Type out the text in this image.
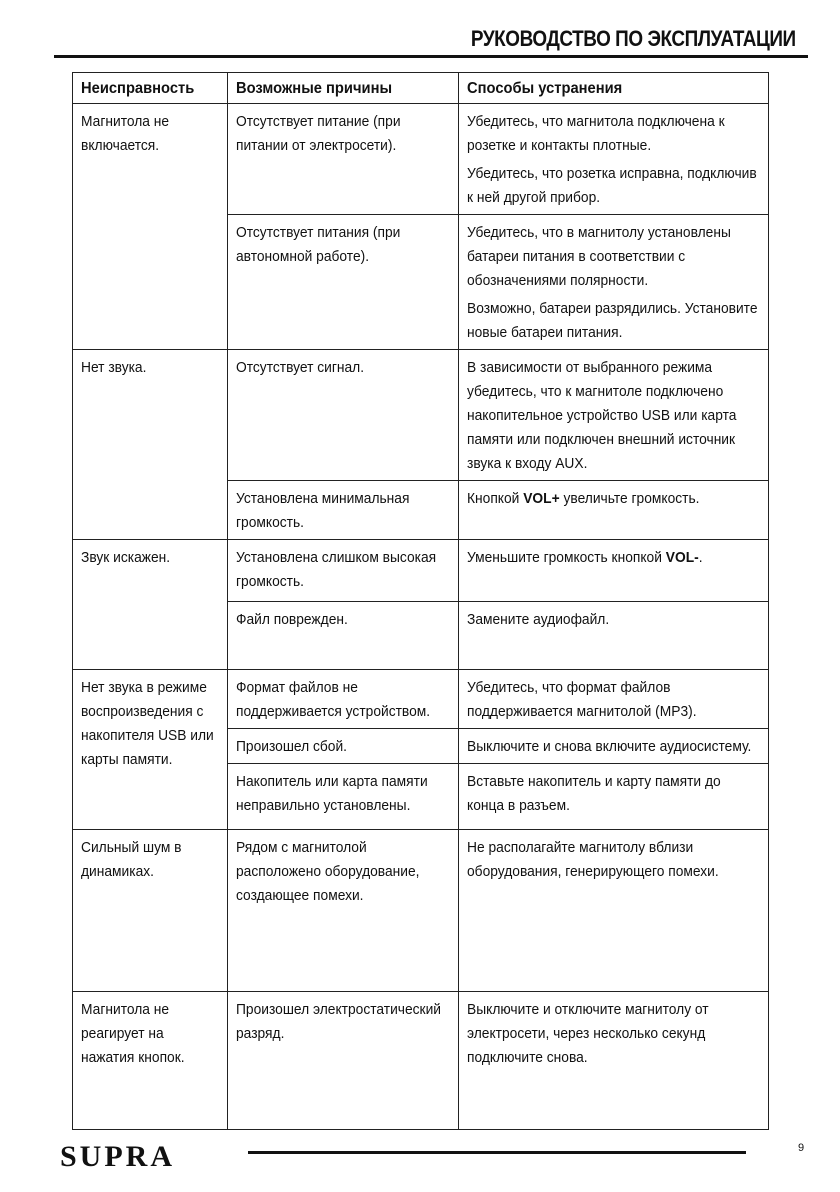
РУКОВОДСТВО ПО ЭКСПЛУАТАЦИИ
Неисправность	Возможные причины	Способы устранения

Магнитола не включается.	Отсутствует питание (при питании от электросети).	Убедитесь, что магнитола подключена к розетке и контакты плотные.
Убедитесь, что розетка исправна, подключив к ней другой прибор.

	Отсутствует питания (при автономной работе).	Убедитесь, что в магнитолу установлены батареи питания в соответствии с обозначениями полярности.
Возможно, батареи разрядились. Установите новые батареи питания.

Нет звука.	Отсутствует сигнал.	В зависимости от выбранного режима убедитесь, что к магнитоле подключено накопительное устройство USB или карта памяти или подключен внешний источник звука к входу AUX.

	Установлена минимальная громкость.	Кнопкой VOL+ увеличьте громкость.

Звук искажен.	Установлена слишком высокая громкость.	Уменьшите громкость кнопкой VOL-.

	Файл поврежден.	Замените аудиофайл.

Нет звука в режиме воспроизведения с накопителя USB или карты памяти.	Формат файлов не поддерживается устройством.	Убедитесь, что формат файлов поддерживается магнитолой (MP3).

	Произошел сбой.	Выключите и снова включите аудиосистему.

	Накопитель или карта памяти неправильно установлены.	Вставьте накопитель и карту памяти до конца в разъем.

Сильный шум в динамиках.	Рядом с магнитолой расположено оборудование, создающее помехи.	Не располагайте магнитолу вблизи оборудования, генерирующего помехи.

Магнитола не реагирует на нажатия кнопок.	Произошел электростатический разряд.	Выключите и отключите магнитолу от электросети, через несколько секунд подключите снова.
SUPRA	9
